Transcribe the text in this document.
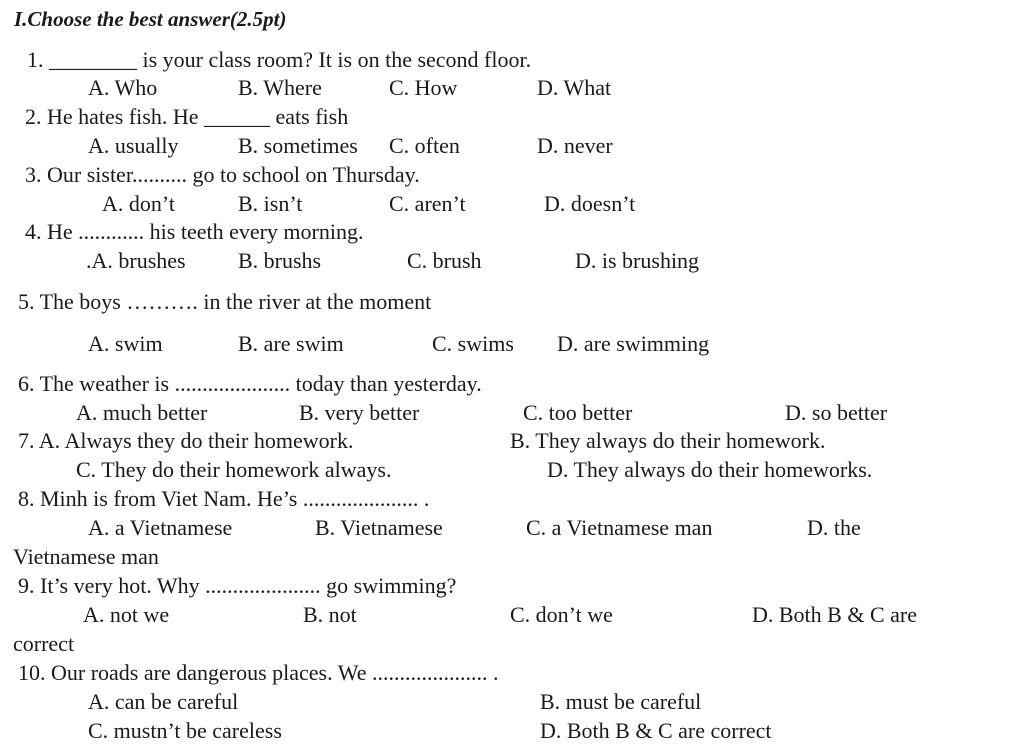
I.Choose the best answer(2.5pt)
1. ________ is your class room? It is on the second floor.
A. Who	B. Where	C. How	D. What
2. He hates fish. He ______ eats fish
A. usually	B. sometimes C. often	D. never
3. Our sister.......... go to school on Thursday.
A. don’t	B. isn’t	C. aren’t	D. doesn’t
4. He ............ his teeth every morning.
.A. brushes B. brushs	C. brush	D. is brushing
5. The boys ………. in the river at the moment
A. swim	B. are swim	C. swims D. are swimming
6. The weather is ..................... today than yesterday.
A. much better	B. very better	C. too better	D. so better
7. A. Always they do their homework.	B. They always do their homework.
C. They do their homework always.	D. They always do their homeworks.
8. Minh is from Viet Nam. He’s ..................... .
A. a Vietnamese	B. Vietnamese	C. a Vietnamese man	D. the
Vietnamese man
9. It’s very hot. Why ..................... go swimming?
A. not we	B. not	C. don’t we	D. Both B & C are
correct
10. Our roads are dangerous places. We ..................... .
A. can be careful	B. must be careful
C. mustn’t be careless	D. Both B & C are correct
